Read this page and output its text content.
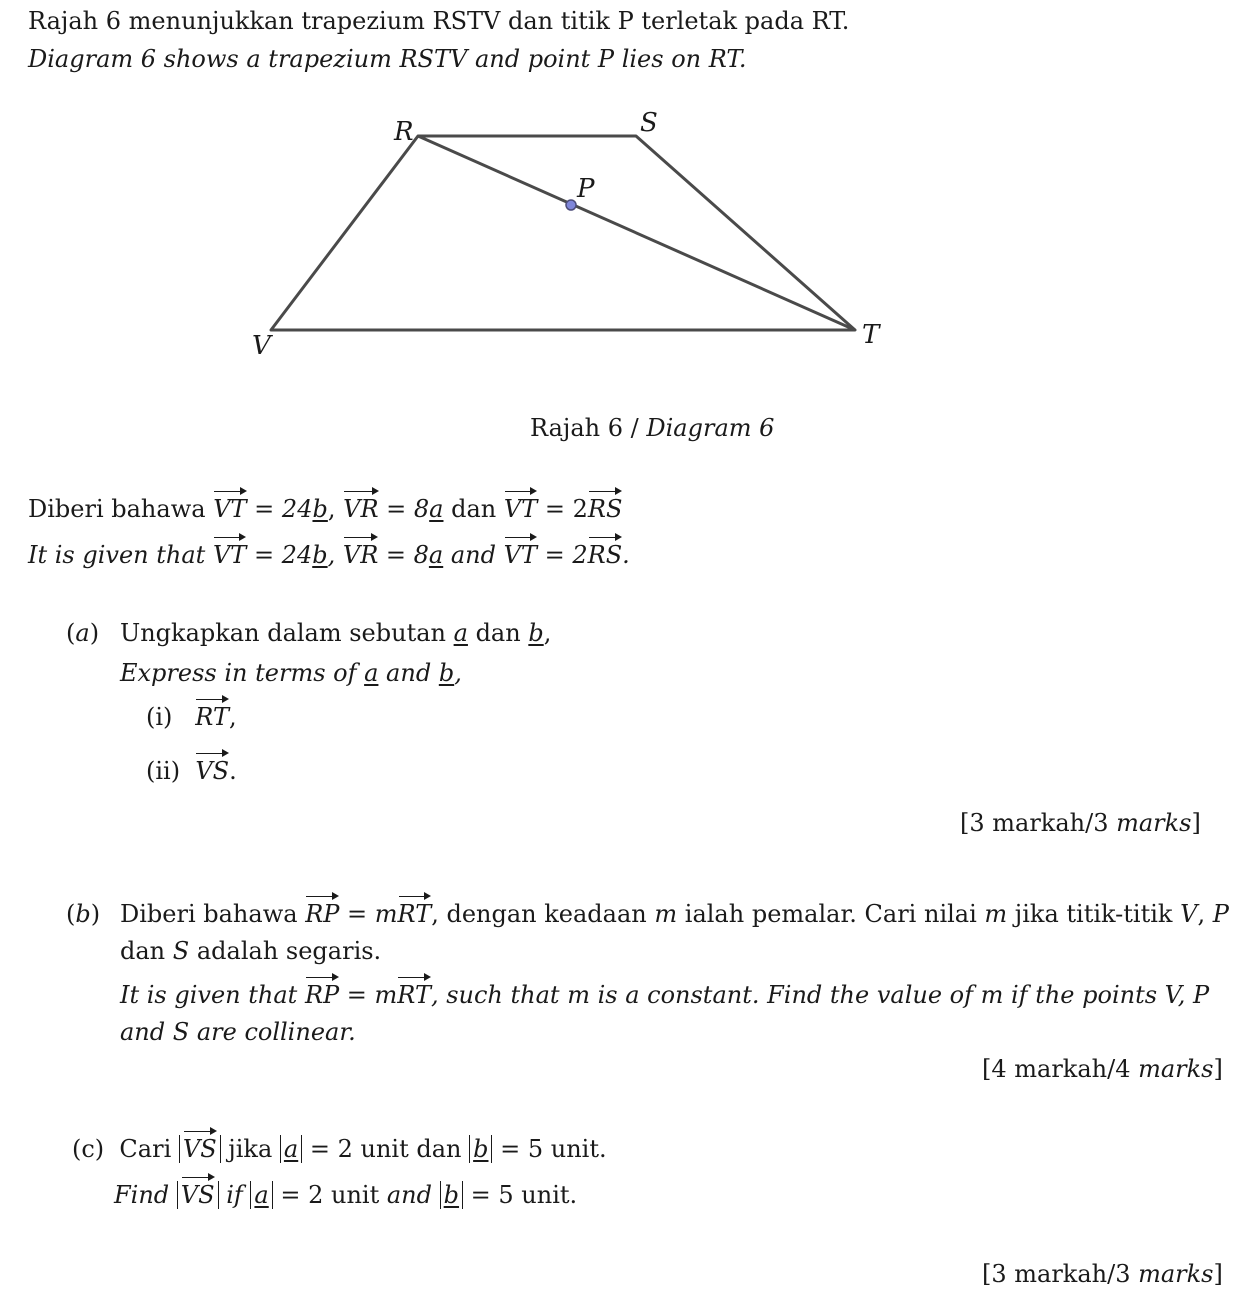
Rajah 6 menunjukkan trapezium RSTV dan titik P terletak pada RT.
Diagram 6 shows a trapezium RSTV and point P lies on RT.
R	S
P
T
V
Rajah 6 / Diagram 6
Diberi bahawa VT = 24b, VR = 8a dan VT = 2RS
It is given that VT = 24b, VR = 8a and VT = 2RS.
(a) Ungkapkan dalam sebutan a dan b,
Express in terms of a and b,
(i) RT,
(ii) VS.
[3 markah/3 marks]
(b) Diberi bahawa RP = mRT, dengan keadaan m ialah pemalar. Cari nilai m jika titik-titik V, P
dan S adalah segaris.
It is given that RP = mRT, such that m is a constant. Find the value of m if the points V, P
and S are collinear.
[4 markah/4 marks]
(c)  Cari VS jika a = 2 unit dan b = 5 unit.
Find VS if a = 2 unit and b = 5 unit.
[3 markah/3 marks]
